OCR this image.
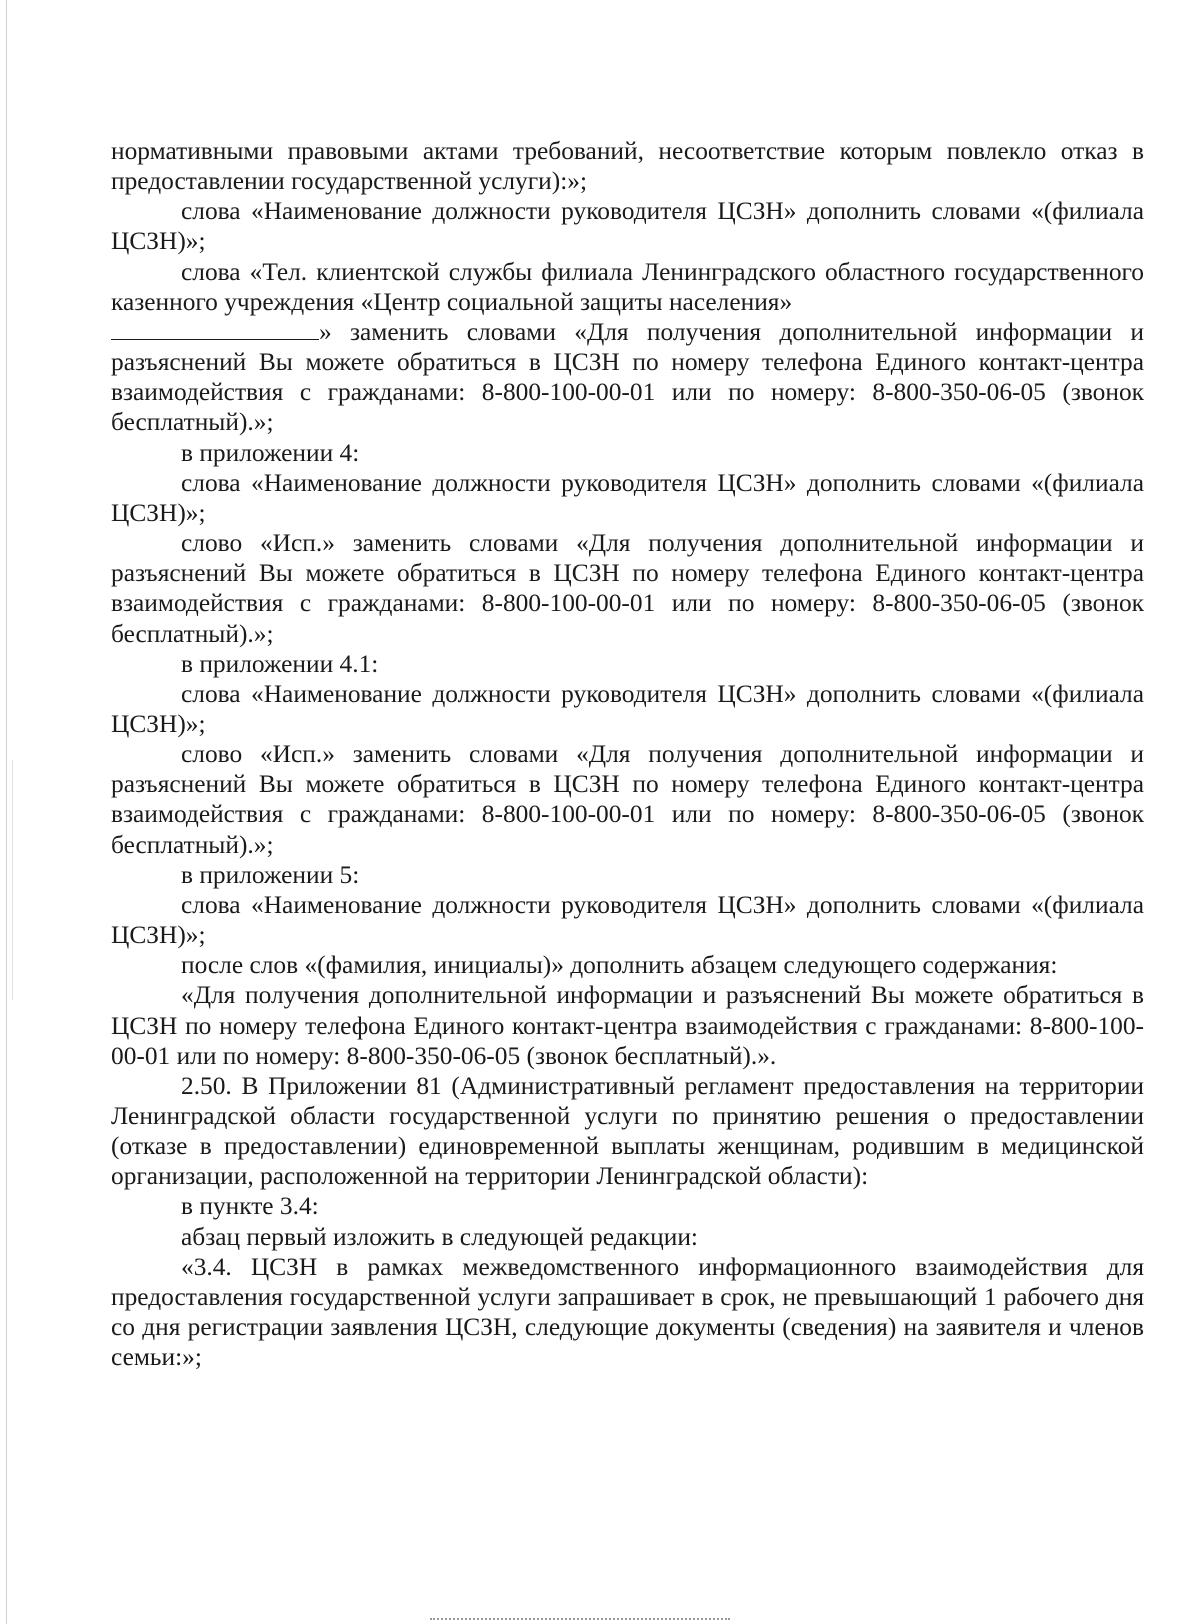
нормативными правовыми актами требований, несоответствие которым повлекло отказ в предоставлении государственной услуги):»;

слова «Наименование должности руководителя ЦСЗН» дополнить словами «(филиала ЦСЗН)»;

слова «Тел. клиентской службы филиала Ленинградского областного государственного казенного учреждения «Центр социальной защиты населения»

» заменить словами «Для получения дополнительной информации и разъяснений Вы можете обратиться в ЦСЗН по номеру телефона Единого контакт-центра взаимодействия с гражданами: 8-800-100-00-01 или по номеру: 8-800-350-06-05 (звонок бесплатный).»;

в приложении 4:

слова «Наименование должности руководителя ЦСЗН» дополнить словами «(филиала ЦСЗН)»;

слово «Исп.» заменить словами «Для получения дополнительной информации и разъяснений Вы можете обратиться в ЦСЗН по номеру телефона Единого контакт-центра взаимодействия с гражданами: 8-800-100-00-01 или по номеру: 8-800-350-06-05 (звонок бесплатный).»;

в приложении 4.1:

слова «Наименование должности руководителя ЦСЗН» дополнить словами «(филиала ЦСЗН)»;

слово «Исп.» заменить словами «Для получения дополнительной информации и разъяснений Вы можете обратиться в ЦСЗН по номеру телефона Единого контакт-центра взаимодействия с гражданами: 8-800-100-00-01 или по номеру: 8-800-350-06-05 (звонок бесплатный).»;

в приложении 5:

слова «Наименование должности руководителя ЦСЗН» дополнить словами «(филиала ЦСЗН)»;

после слов «(фамилия, инициалы)» дополнить абзацем следующего содержания:

«Для получения дополнительной информации и разъяснений Вы можете обратиться в ЦСЗН по номеру телефона Единого контакт-центра взаимодействия с гражданами: 8-800-100-00-01 или по номеру: 8-800-350-06-05 (звонок бесплатный).».

2.50. В Приложении 81 (Административный регламент предоставления на территории Ленинградской области государственной услуги по принятию решения о предоставлении (отказе в предоставлении) единовременной выплаты женщинам, родившим в медицинской организации, расположенной на территории Ленинградской области):

в пункте 3.4:

абзац первый изложить в следующей редакции:

«3.4. ЦСЗН в рамках межведомственного информационного взаимодействия для предоставления государственной услуги запрашивает в срок, не превышающий 1 рабочего дня со дня регистрации заявления ЦСЗН, следующие документы (сведения) на заявителя и членов семьи:»;
